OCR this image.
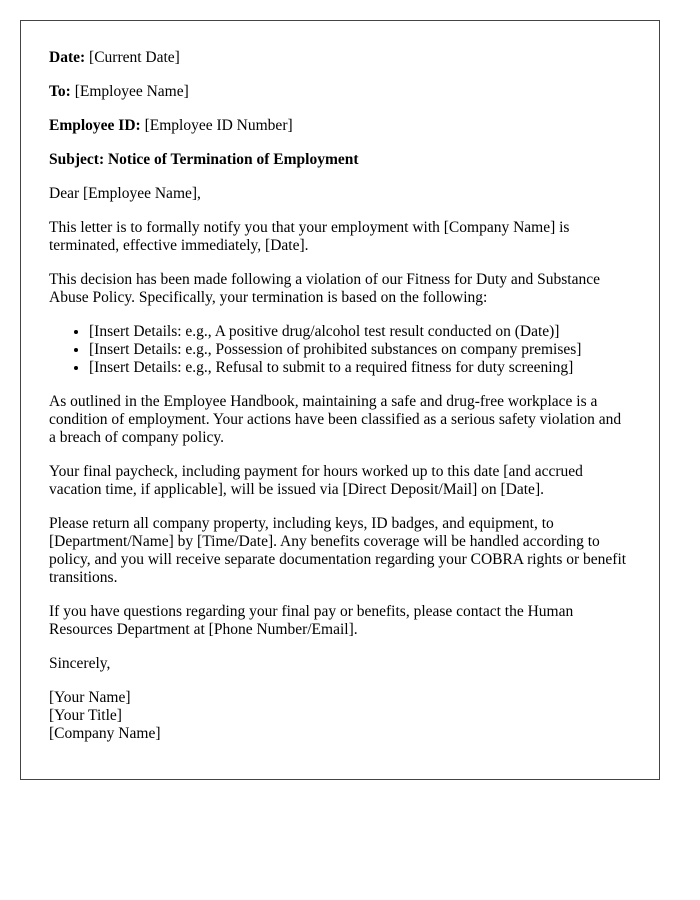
Date: [Current Date]

To: [Employee Name]

Employee ID: [Employee ID Number]

Subject: Notice of Termination of Employment

Dear [Employee Name],

This letter is to formally notify you that your employment with [Company Name] is terminated, effective immediately, [Date].

This decision has been made following a violation of our Fitness for Duty and Substance Abuse Policy. Specifically, your termination is based on the following:

• [Insert Details: e.g., A positive drug/alcohol test result conducted on (Date)]
• [Insert Details: e.g., Possession of prohibited substances on company premises]
• [Insert Details: e.g., Refusal to submit to a required fitness for duty screening]

As outlined in the Employee Handbook, maintaining a safe and drug-free workplace is a condition of employment. Your actions have been classified as a serious safety violation and a breach of company policy.

Your final paycheck, including payment for hours worked up to this date [and accrued vacation time, if applicable], will be issued via [Direct Deposit/Mail] on [Date].

Please return all company property, including keys, ID badges, and equipment, to [Department/Name] by [Time/Date]. Any benefits coverage will be handled according to policy, and you will receive separate documentation regarding your COBRA rights or benefit transitions.

If you have questions regarding your final pay or benefits, please contact the Human Resources Department at [Phone Number/Email].

Sincerely,

[Your Name]
[Your Title]
[Company Name]
